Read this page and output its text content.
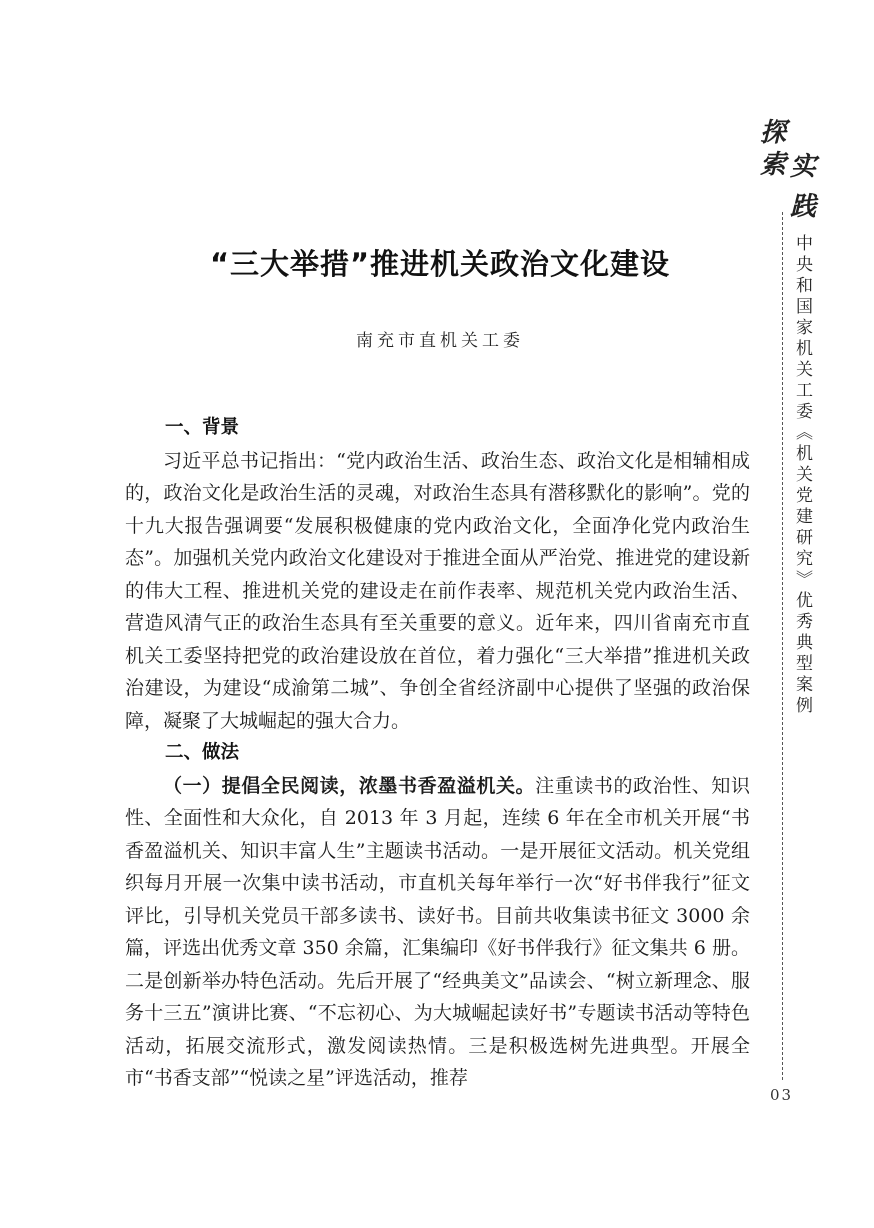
“三大举措”推进机关政治文化建设
南充市直机关工委
一、背景

习近平总书记指出：“党内政治生活、政治生态、政治文化是相辅相成的，政治文化是政治生活的灵魂，对政治生态具有潜移默化的影响”。党的十九大报告强调要“发展积极健康的党内政治文化，全面净化党内政治生态”。加强机关党内政治文化建设对于推进全面从严治党、推进党的建设新的伟大工程、推进机关党的建设走在前作表率、规范机关党内政治生活、营造风清气正的政治生态具有至关重要的意义。近年来，四川省南充市直机关工委坚持把党的政治建设放在首位，着力强化“三大举措”推进机关政治建设，为建设“成渝第二城”、争创全省经济副中心提供了坚强的政治保障，凝聚了大城崛起的强大合力。

二、做法

（一）提倡全民阅读，浓墨书香盈溢机关。注重读书的政治性、知识性、全面性和大众化，自 2013 年 3 月起，连续 6 年在全市机关开展“书香盈溢机关、知识丰富人生”主题读书活动。一是开展征文活动。机关党组织每月开展一次集中读书活动，市直机关每年举行一次“好书伴我行”征文评比，引导机关党员干部多读书、读好书。目前共收集读书征文 3000 余篇，评选出优秀文章 350 余篇，汇集编印《好书伴我行》征文集共 6 册。二是创新举办特色活动。先后开展了“经典美文”品读会、“树立新理念、服务十三五”演讲比赛、“不忘初心、为大城崛起读好书”专题读书活动等特色活动，拓展交流形式，激发阅读热情。三是积极选树先进典型。开展全市“书香支部”“悦读之星”评选活动，推荐

探
索 实
践
中央和国家机关工委《机关党建研究》优秀典型案例
03
